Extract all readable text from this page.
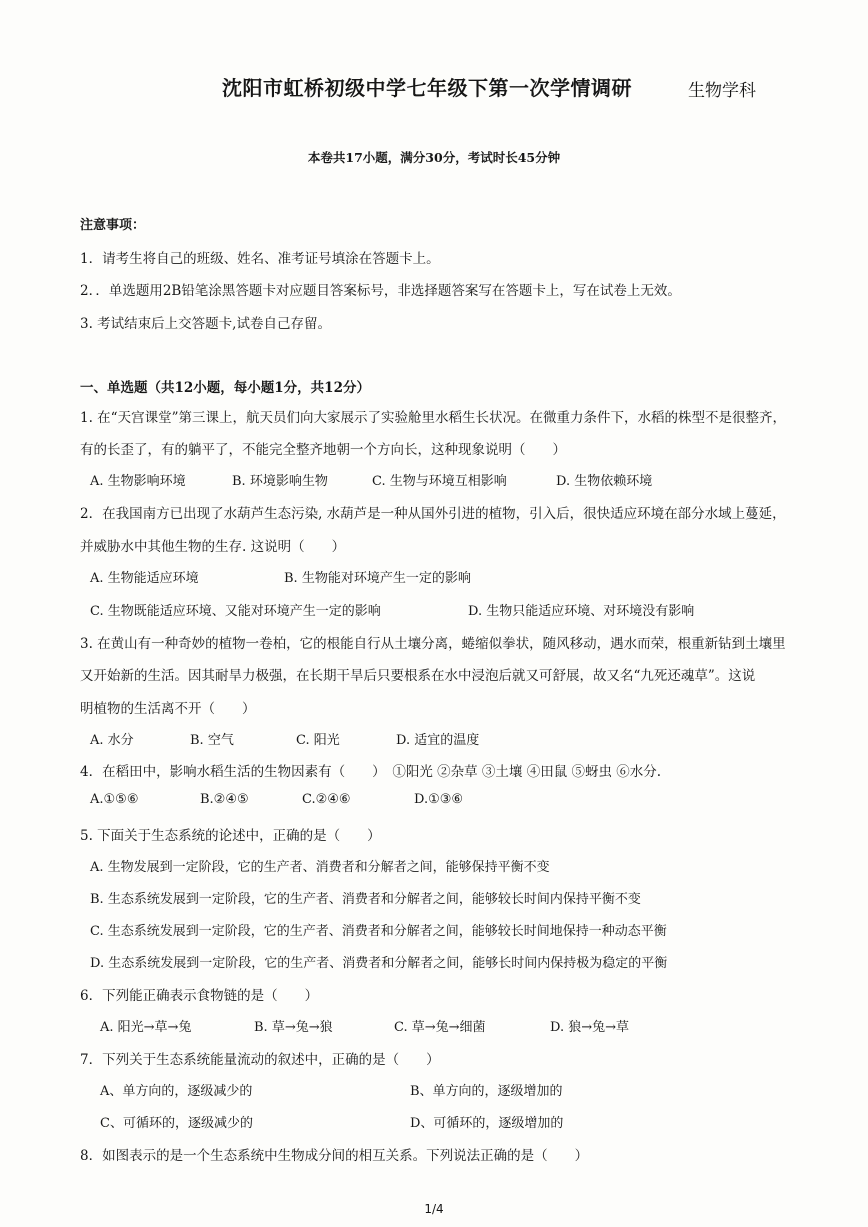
沈阳市虹桥初级中学七年级下第一次学情调研	生物学科
本卷共17小题，满分30分，考试时长45分钟
注意事项：
1．请考生将自己的班级、姓名、准考证号填涂在答题卡上。
2．．单选题用2B铅笔涂黑答题卡对应题目答案标号，非选择题答案写在答题卡上，写在试卷上无效。
3. 考试结束后上交答题卡,试卷自己存留。
一、单选题（共12小题，每小题1分，共12分）
1. 在“天宫课堂”第三课上，航天员们向大家展示了实验舱里水稻生长状况。在微重力条件下，水稻的株型不是很整齐，
有的长歪了，有的躺平了，不能完全整齐地朝一个方向长，这种现象说明（　　）
A. 生物影响环境	B. 环境影响生物	C. 生物与环境互相影响	D. 生物依赖环境
2．在我国南方已出现了水葫芦生态污染, 水葫芦是一种从国外引进的植物，引入后，很快适应环境在部分水域上蔓延，
并威胁水中其他生物的生存. 这说明（　　）
A. 生物能适应环境	B. 生物能对环境产生一定的影响
C. 生物既能适应环境、又能对环境产生一定的影响	D. 生物只能适应环境、对环境没有影响
3. 在黄山有一种奇妙的植物一卷柏，它的根能自行从土壤分离，蜷缩似拳状，随风移动，遇水而荣，根重新钻到土壤里
又开始新的生活。因其耐旱力极强，在长期干旱后只要根系在水中浸泡后就又可舒展，故又名“九死还魂草”。这说
明植物的生活离不开（　　）
A. 水分	B. 空气	C. 阳光	D. 适宜的温度
4．在稻田中，影响水稻生活的生物因素有（　　）　①阳光 ②杂草 ③土壤 ④田鼠 ⑤蚜虫 ⑥水分.
A.①⑤⑥	B.②④⑤	C.②④⑥	D.①③⑥
5. 下面关于生态系统的论述中，正确的是（　　）
A. 生物发展到一定阶段，它的生产者、消费者和分解者之间，能够保持平衡不变
B. 生态系统发展到一定阶段，它的生产者、消费者和分解者之间，能够较长时间内保持平衡不变
C. 生态系统发展到一定阶段，它的生产者、消费者和分解者之间，能够较长时间地保持一种动态平衡
D. 生态系统发展到一定阶段，它的生产者、消费者和分解者之间，能够长时间内保持极为稳定的平衡
6．下列能正确表示食物链的是（　　）
A. 阳光→草→兔	B. 草→兔→狼	C. 草→兔→细菌	D. 狼→兔→草
7．下列关于生态系统能量流动的叙述中，正确的是（　　）
A、单方向的，逐级减少的	B、单方向的，逐级增加的
C、可循环的，逐级减少的	D、可循环的，逐级增加的
8．如图表示的是一个生态系统中生物成分间的相互关系。下列说法正确的是（　　）
1/4
